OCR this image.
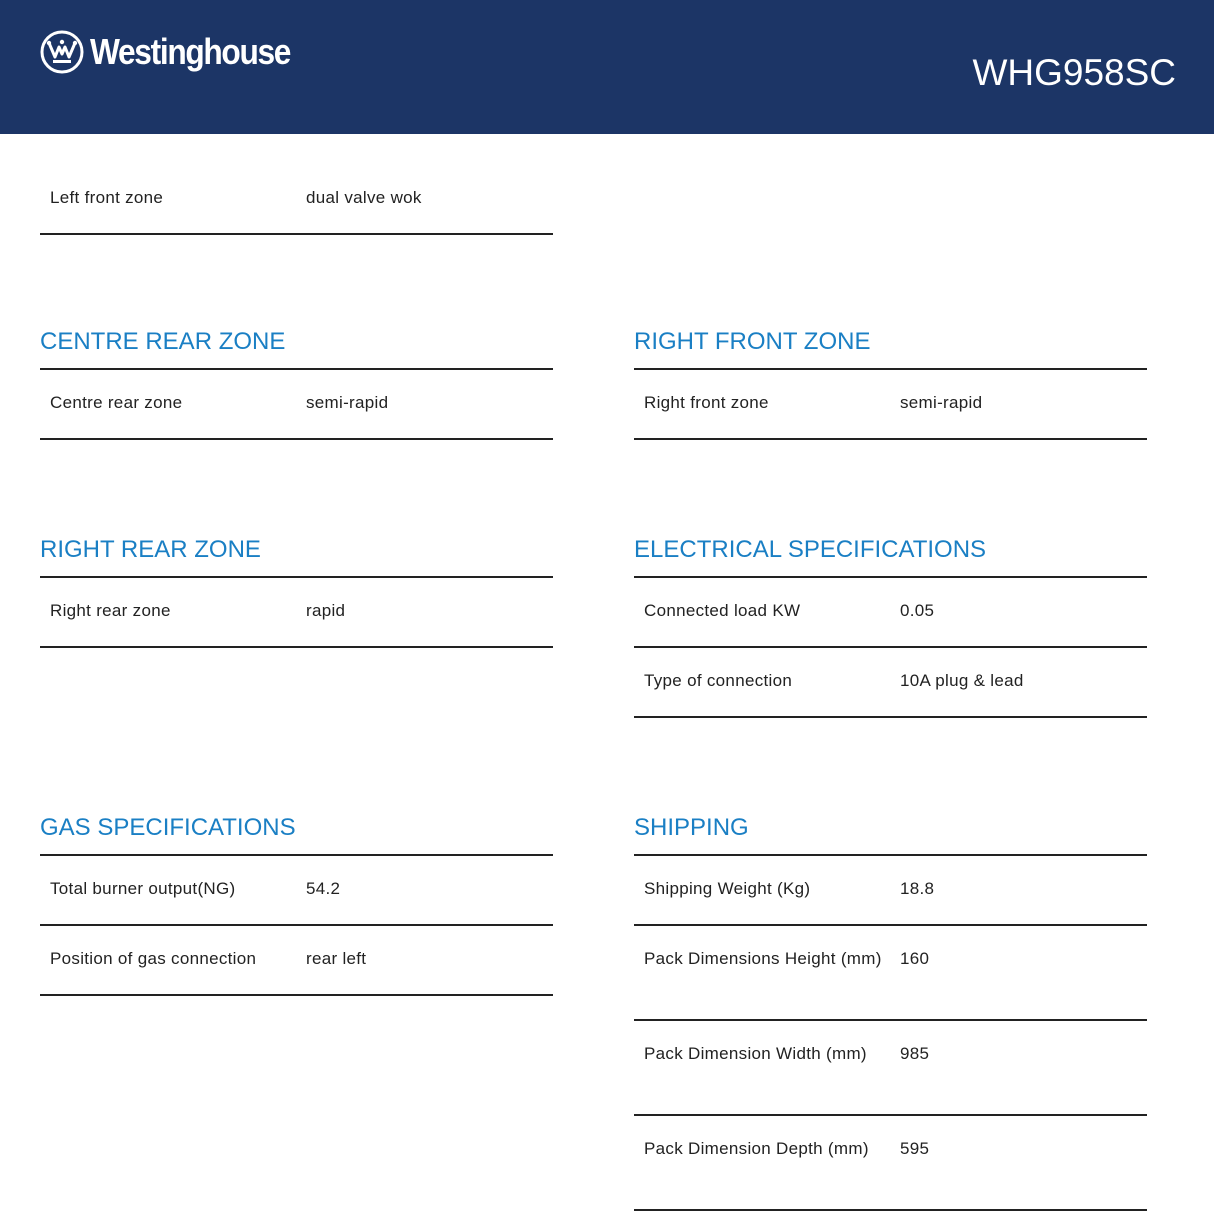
Westinghouse
WHG958SC
Left front zone	dual valve wok
CENTRE REAR ZONE
Centre rear zone	semi-rapid
RIGHT FRONT ZONE
Right front zone	semi-rapid
RIGHT REAR ZONE
Right rear zone	rapid
ELECTRICAL SPECIFICATIONS
Connected load KW	0.05
Type of connection	10A plug & lead
GAS SPECIFICATIONS
Total burner output(NG)	54.2
Position of gas connection	rear left
SHIPPING
Shipping Weight (Kg)	18.8
Pack Dimensions Height (mm) 160
Pack Dimension Width (mm)	985
Pack Dimension Depth (mm)	595
